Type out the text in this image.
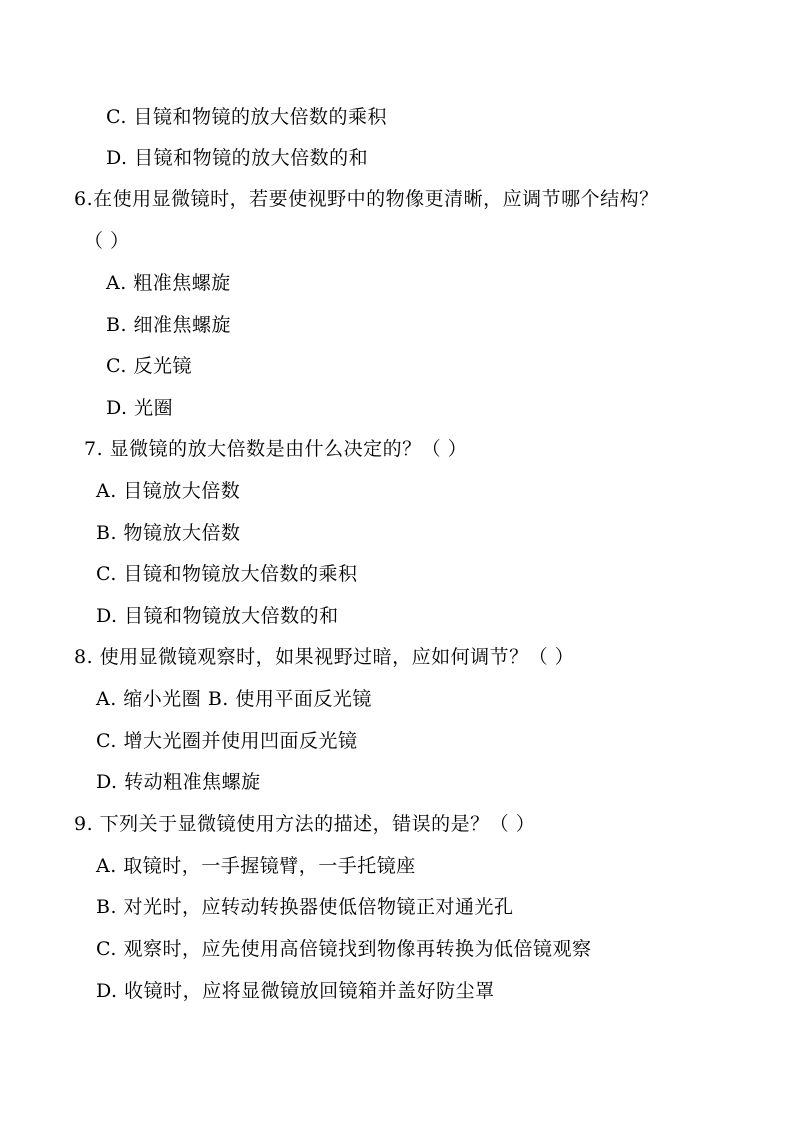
C. 目镜和物镜的放大倍数的乘积
D. 目镜和物镜的放大倍数的和
6.在使用显微镜时，若要使视野中的物像更清晰，应调节哪个结构？
（ ）
A. 粗准焦螺旋
B. 细准焦螺旋
C. 反光镜
D. 光圈
7. 显微镜的放大倍数是由什么决定的？（ ）
A. 目镜放大倍数
B. 物镜放大倍数
C. 目镜和物镜放大倍数的乘积
D. 目镜和物镜放大倍数的和
8. 使用显微镜观察时，如果视野过暗，应如何调节？（ ）
A. 缩小光圈 B. 使用平面反光镜
C. 增大光圈并使用凹面反光镜
D. 转动粗准焦螺旋
9. 下列关于显微镜使用方法的描述，错误的是？（ ）
A. 取镜时，一手握镜臂，一手托镜座
B. 对光时，应转动转换器使低倍物镜正对通光孔
C. 观察时，应先使用高倍镜找到物像再转换为低倍镜观察
D. 收镜时，应将显微镜放回镜箱并盖好防尘罩
